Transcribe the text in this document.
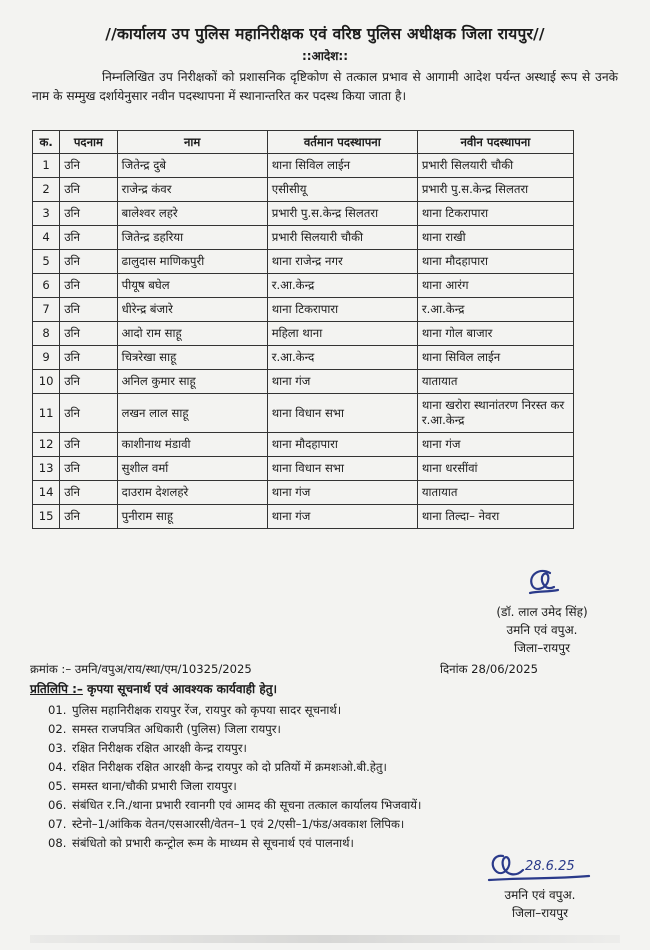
//कार्यालय उप पुलिस महानिरीक्षक एवं वरिष्ठ पुलिस अधीक्षक जिला रायपुर//
::आदेश::
निम्नलिखित उप निरीक्षकों को प्रशासनिक दृष्टिकोण से तत्काल प्रभाव से आगामी आदेश पर्यन्त अस्थाई रूप से उनके नाम के सम्मुख दर्शायेनुसार नवीन पदस्थापना में स्थानान्तरित कर पदस्थ किया जाता है।
क.	पदनाम	नाम	वर्तमान पदस्थापना	नवीन पदस्थापना
1	उनि	जितेन्द्र दुबे	थाना सिविल लाईन	प्रभारी सिलयारी चौकी
2	उनि	राजेन्द्र कंवर	एसीसीयू	प्रभारी पु.स.केन्द्र सिलतरा
3	उनि	बालेश्वर लहरे	प्रभारी पु.स.केन्द्र सिलतरा	थाना टिकरापारा
4	उनि	जितेन्द्र डहरिया	प्रभारी सिलयारी चौकी	थाना राखी
5	उनि	ढालुदास माणिकपुरी	थाना राजेन्द्र नगर	थाना मौदहापारा
6	उनि	पीयूष बघेल	र.आ.केन्द्र	थाना आरंग
7	उनि	धीरेन्द्र बंजारे	थाना टिकरापारा	र.आ.केन्द्र
8	उनि	आदो राम साहू	महिला थाना	थाना गोल बाजार
9	उनि	चित्ररेखा साहू	र.आ.केन्द	थाना सिविल लाईन
10	उनि	अनिल कुमार साहू	थाना गंज	यातायात
11	उनि	लखन लाल साहू	थाना विधान सभा	थाना खरोरा स्थानांतरण निरस्त कर र.आ.केन्द्र
12	उनि	काशीनाथ मंडावी	थाना मौदहापारा	थाना गंज
13	उनि	सुशील वर्मा	थाना विधान सभा	थाना धरसींवां
14	उनि	दाउराम देशलहरे	थाना गंज	यातायात
15	उनि	पुनीराम साहू	थाना गंज	थाना तिल्दा– नेवरा
(डॉ. लाल उमेद सिंह)
उमनि एवं वपुअ.
जिला–रायपुर
क्रमांक :– उमनि/वपुअ/राय/स्था/एम/10325/2025	दिनांक 28/06/2025
प्रतिलिपि :– कृपया सूचनार्थ एवं आवश्यक कार्यवाही हेतु।
01. पुलिस महानिरीक्षक रायपुर रेंज, रायपुर को कृपया सादर सूचनार्थ।
02. समस्त राजपत्रित अधिकारी (पुलिस) जिला रायपुर।
03. रक्षित निरीक्षक रक्षित आरक्षी केन्द्र रायपुर।
04. रक्षित निरीक्षक रक्षित आरक्षी केन्द्र रायपुर को दो प्रतियों में क्रमशःओ.बी.हेतु।
05. समस्त थाना/चौकी प्रभारी जिला रायपुर।
06. संबंधित र.नि./थाना प्रभारी रवानगी एवं आमद की सूचना तत्काल कार्यालय भिजवायें।
07. स्टेनो–1/आंकिक वेतन/एसआरसी/वेतन–1 एवं 2/एसी–1/फंड/अवकाश लिपिक।
08. संबंधितो को प्रभारी कन्ट्रोल रूम के माध्यम से सूचनार्थ एवं पालनार्थ।
28.6.25
उमनि एवं वपुअ.
जिला–रायपुर
